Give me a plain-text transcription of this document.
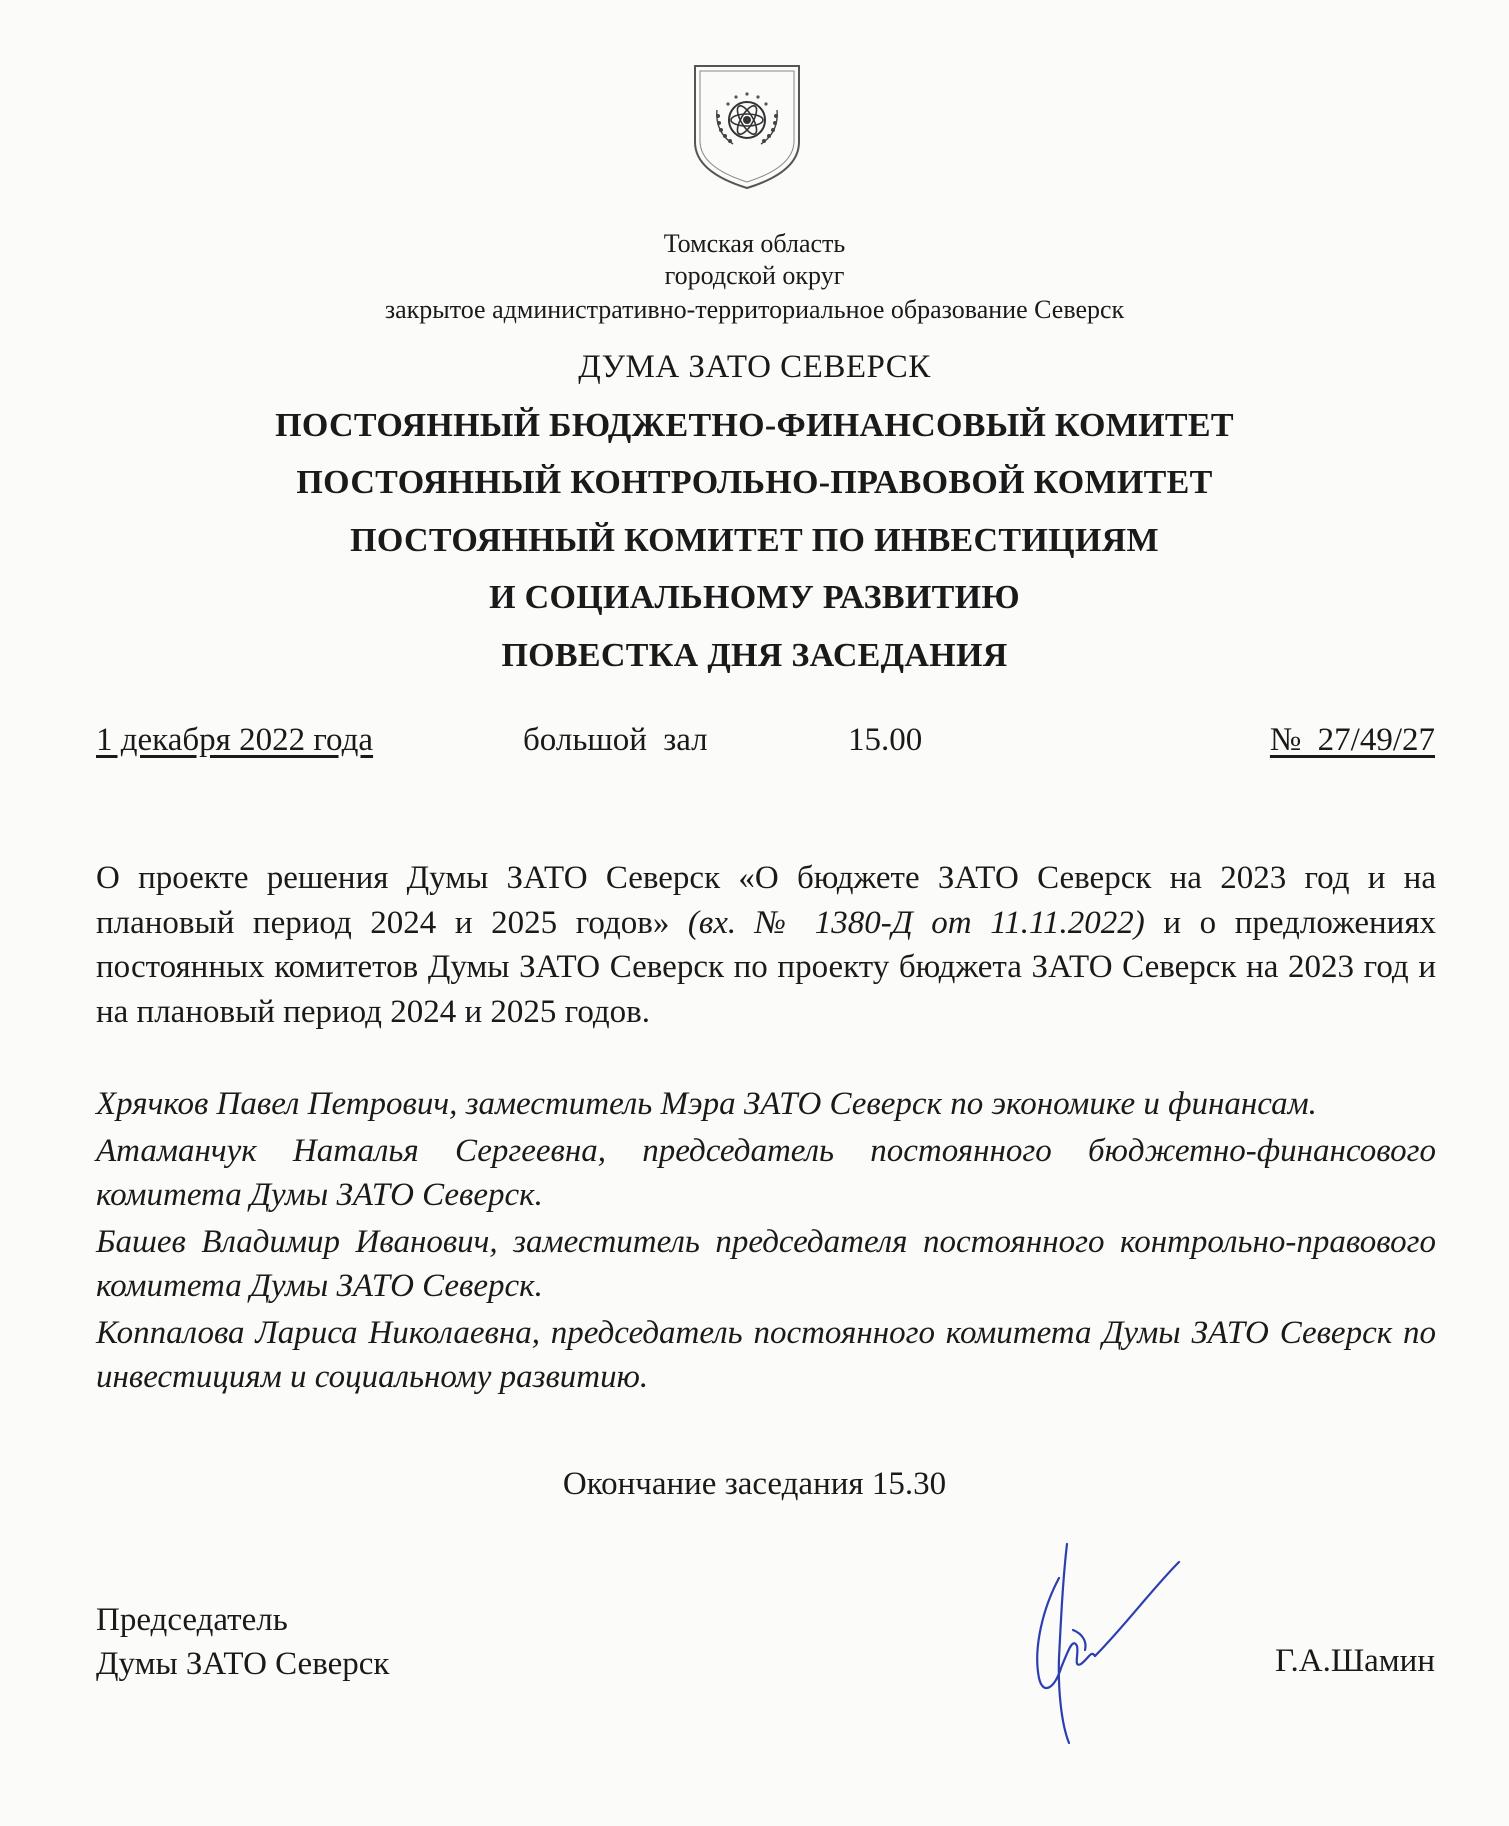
Томская область
городской округ
закрытое административно-территориальное образование Северск
ДУМА ЗАТО СЕВЕРСК
ПОСТОЯННЫЙ БЮДЖЕТНО-ФИНАНСОВЫЙ КОМИТЕТ
ПОСТОЯННЫЙ КОНТРОЛЬНО-ПРАВОВОЙ КОМИТЕТ
ПОСТОЯННЫЙ КОМИТЕТ ПО ИНВЕСТИЦИЯМ
И СОЦИАЛЬНОМУ РАЗВИТИЮ
ПОВЕСТКА ДНЯ ЗАСЕДАНИЯ
1 декабря 2022 года	большой зал	15.00	№ 27/49/27
О проекте решения Думы ЗАТО Северск «О бюджете ЗАТО Северск на 2023 год и на плановый период 2024 и 2025 годов» (вх. № 1380-Д от 11.11.2022) и о предложениях постоянных комитетов Думы ЗАТО Северск по проекту бюджета ЗАТО Северск на 2023 год и на плановый период 2024 и 2025 годов.
Хрячков Павел Петрович, заместитель Мэра ЗАТО Северск по экономике и финансам.
Атаманчук Наталья Сергеевна, председатель постоянного бюджетно-финансового комитета Думы ЗАТО Северск.
Башев Владимир Иванович, заместитель председателя постоянного контрольно-правового комитета Думы ЗАТО Северск.
Коппалова Лариса Николаевна, председатель постоянного комитета Думы ЗАТО Северск по инвестициям и социальному развитию.
Окончание заседания 15.30
Председатель
Думы ЗАТО Северск	Г.А.Шамин
